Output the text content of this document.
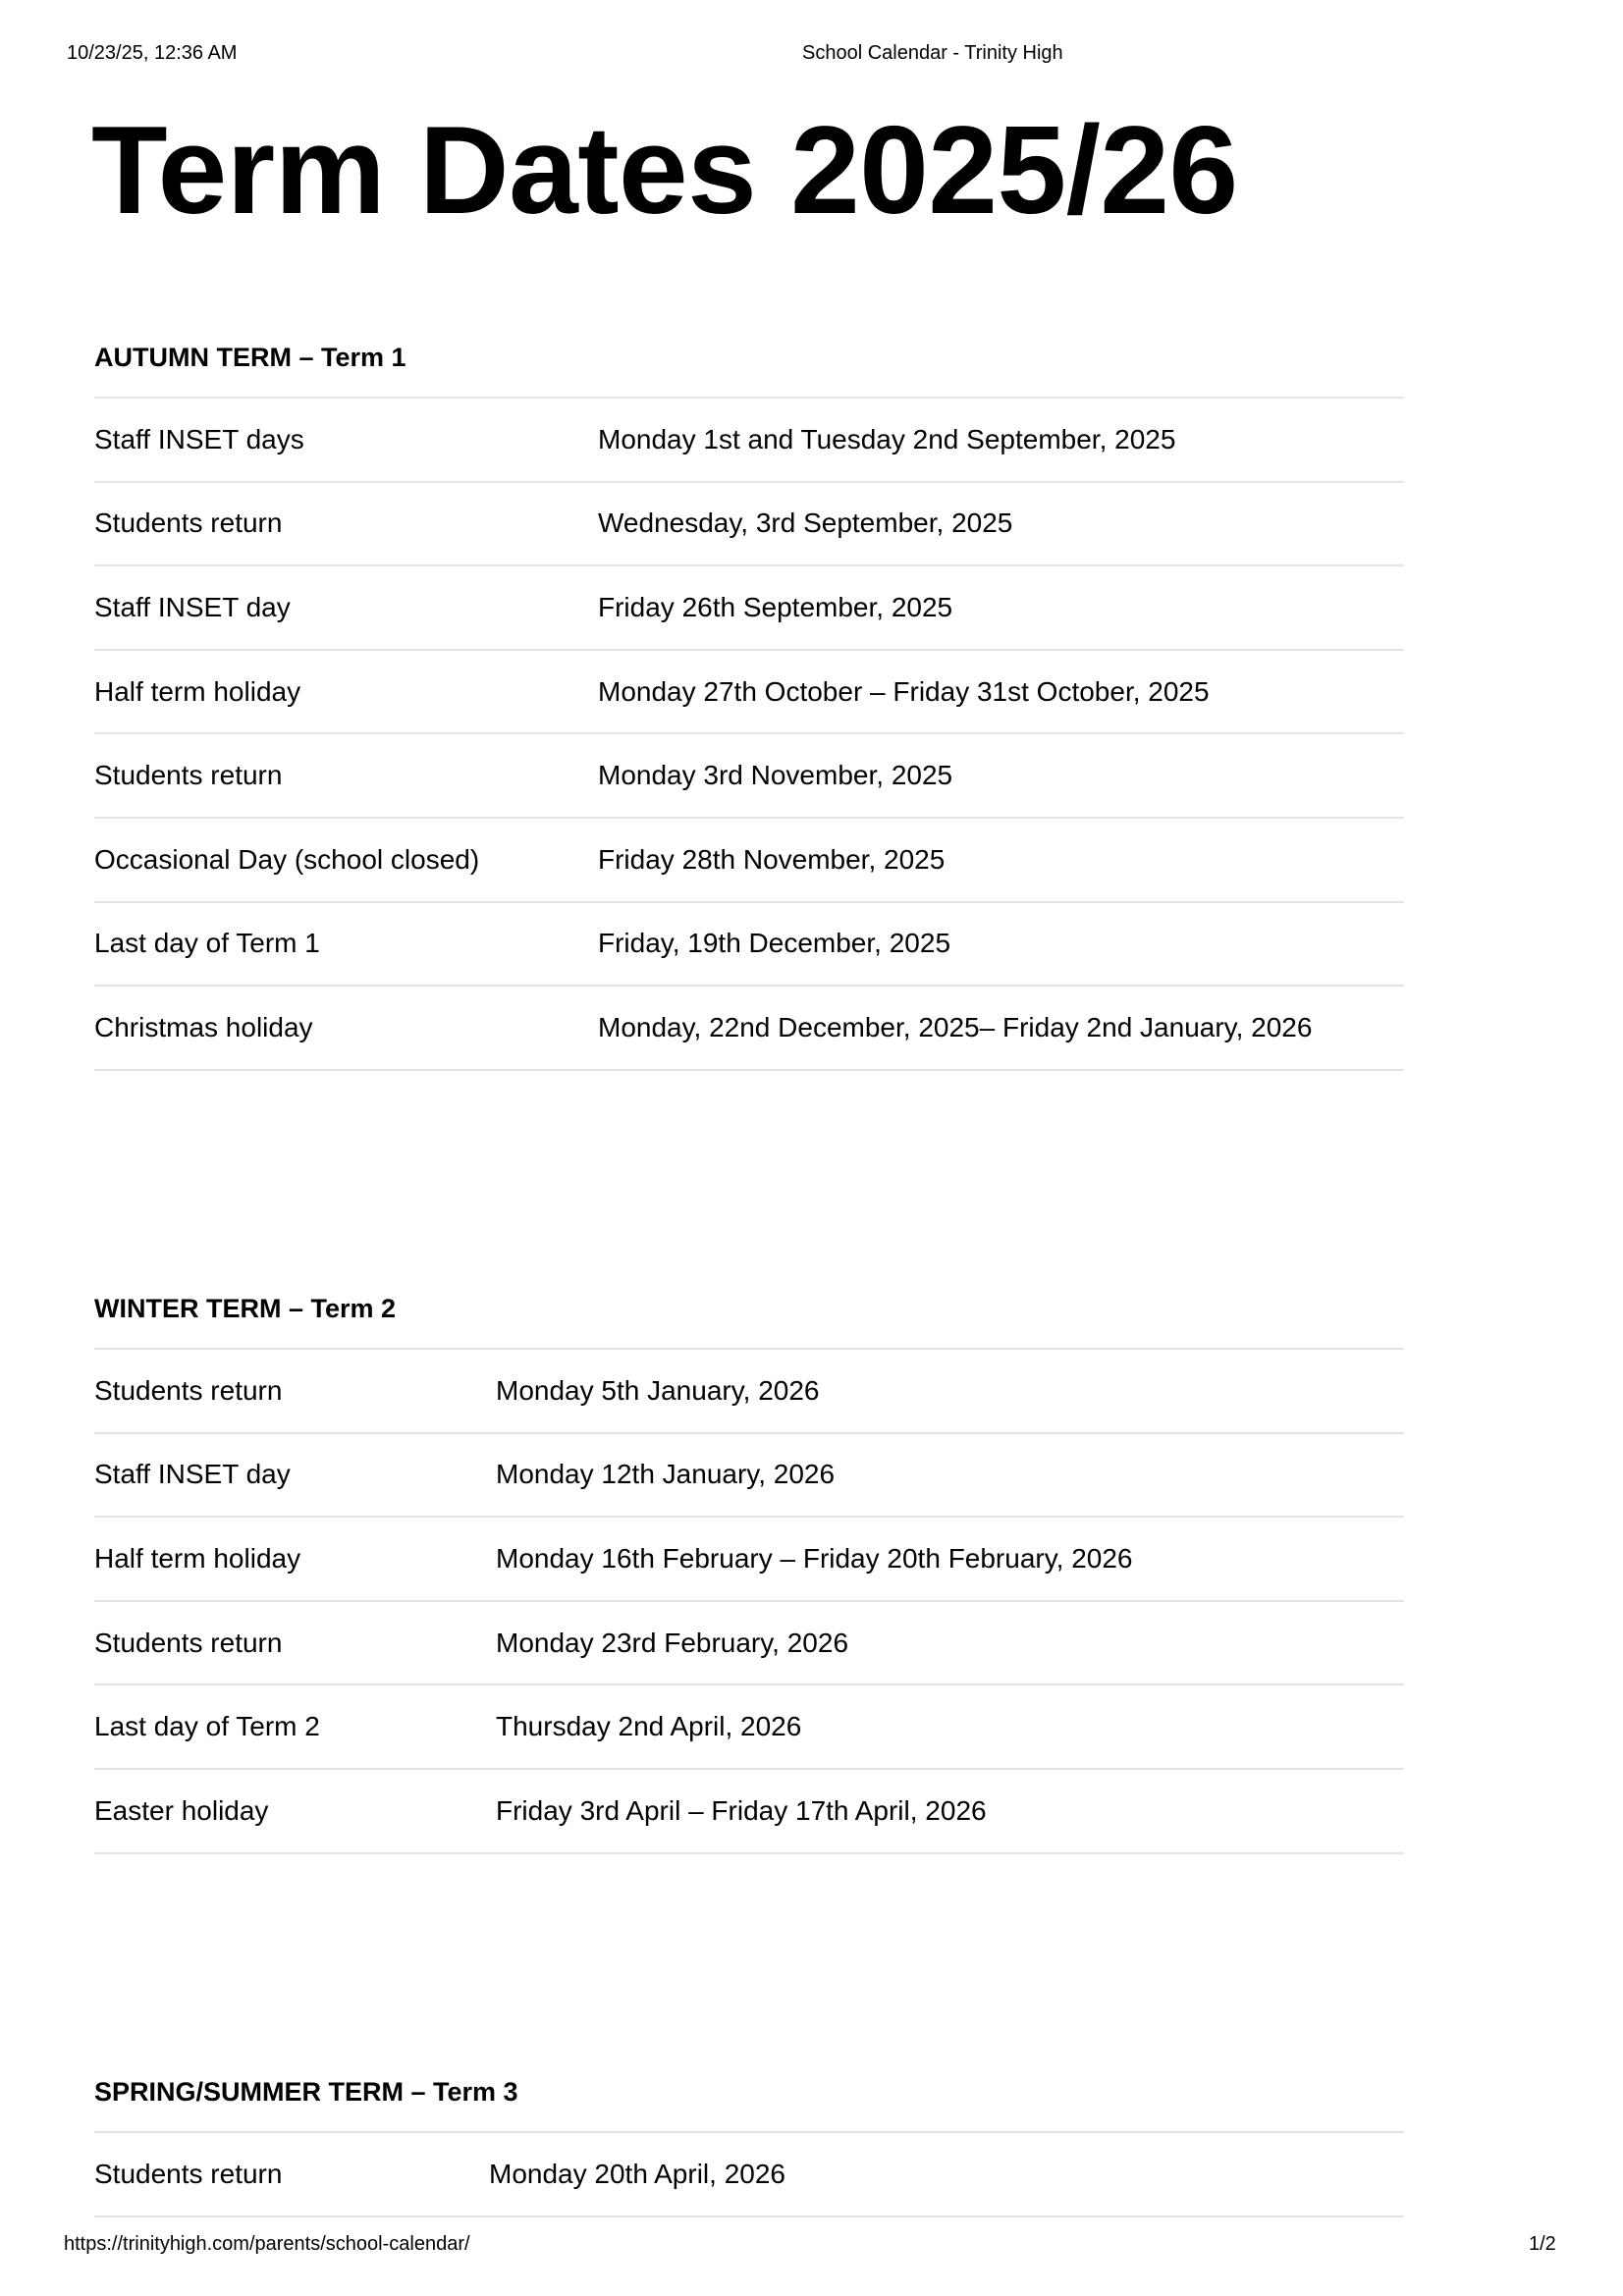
10/23/25, 12:36 AM	School Calendar - Trinity High
Term Dates 2025/26
AUTUMN TERM – Term 1
Staff INSET days	Monday 1st and Tuesday 2nd September, 2025
Students return	Wednesday, 3rd September, 2025
Staff INSET day	Friday 26th September, 2025
Half term holiday	Monday 27th October – Friday 31st October, 2025
Students return	Monday 3rd November, 2025
Occasional Day (school closed)	Friday 28th November, 2025
Last day of Term 1	Friday, 19th December, 2025
Christmas holiday	Monday, 22nd December, 2025– Friday 2nd January, 2026
WINTER TERM – Term 2
Students return	Monday 5th January, 2026
Staff INSET day	Monday 12th January, 2026
Half term holiday	Monday 16th February – Friday 20th February, 2026
Students return	Monday 23rd February, 2026
Last day of Term 2	Thursday 2nd April, 2026
Easter holiday	Friday 3rd April – Friday 17th April, 2026
SPRING/SUMMER TERM – Term 3
Students return	Monday 20th April, 2026
https://trinityhigh.com/parents/school-calendar/	1/2
